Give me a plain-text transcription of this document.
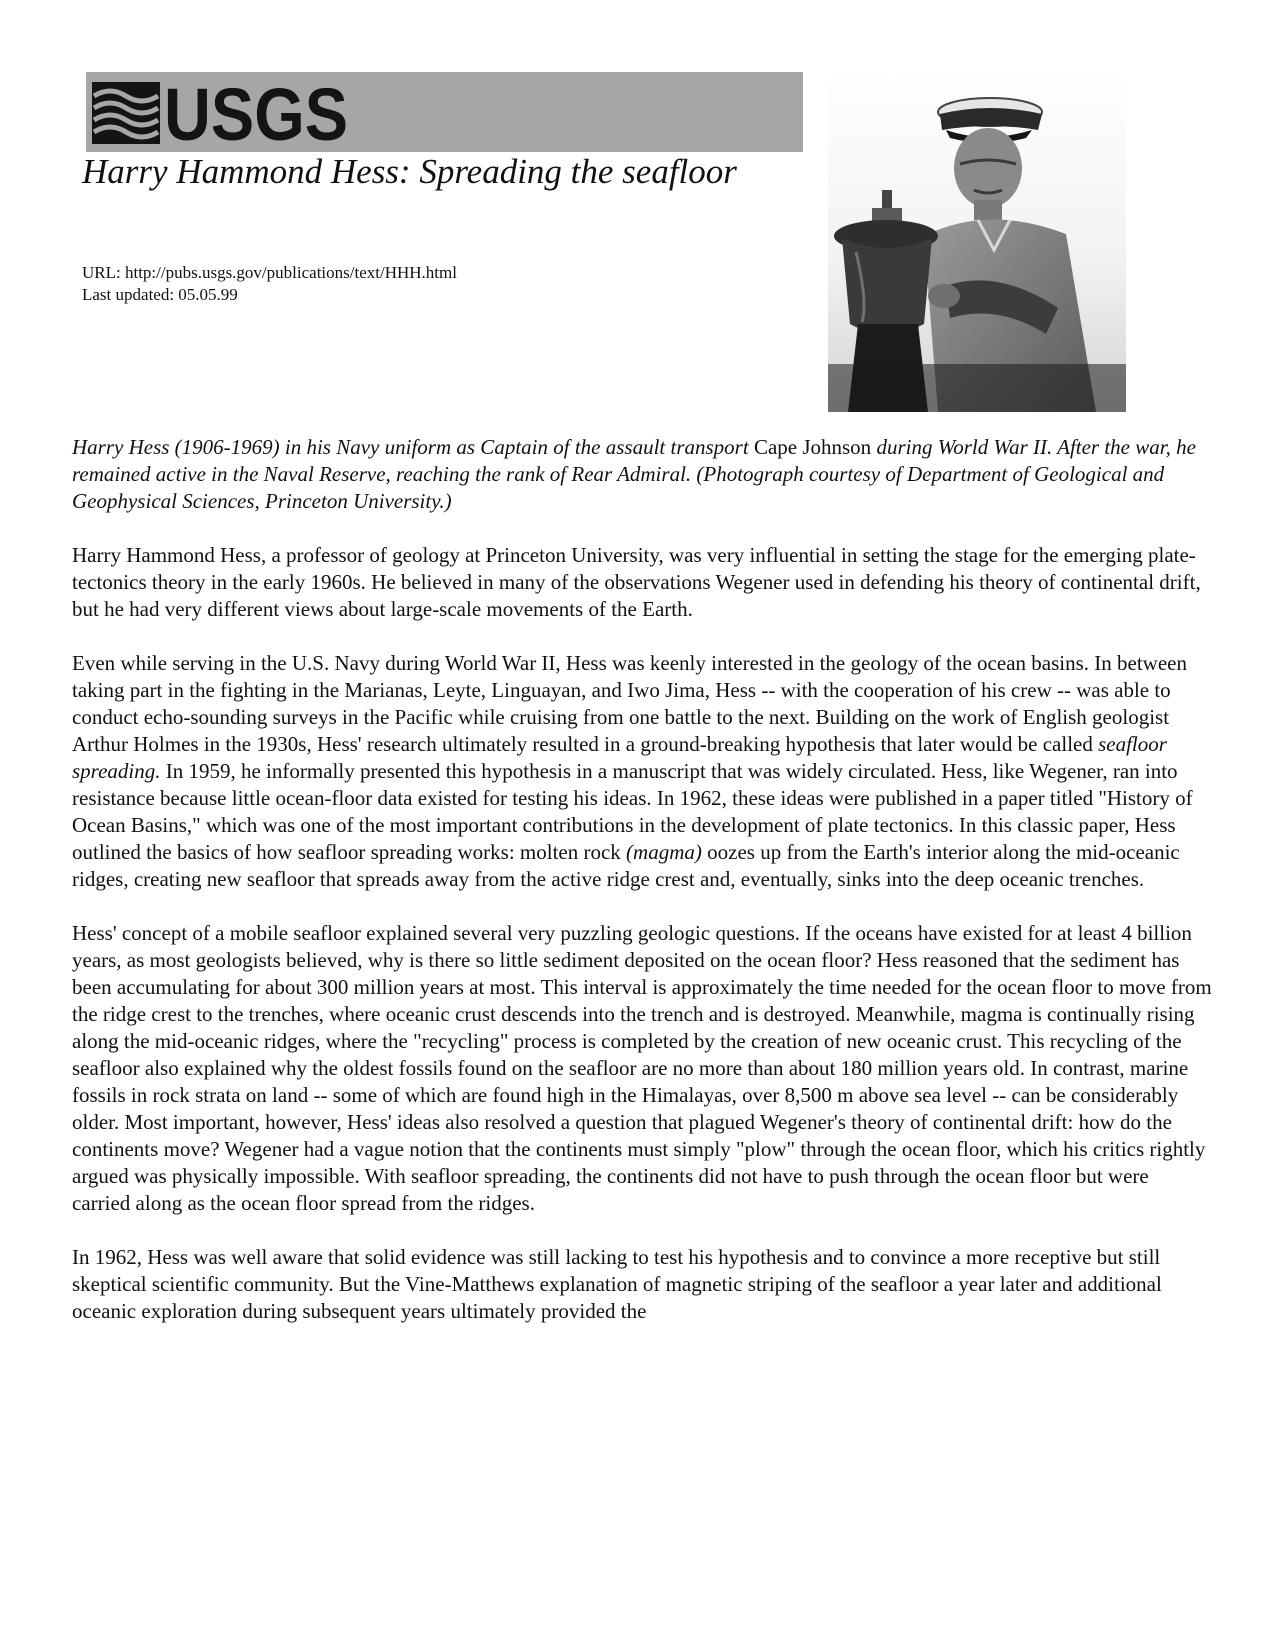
USGS
Harry Hammond Hess: Spreading the seafloor
URL: http://pubs.usgs.gov/publications/text/HHH.html
Last updated: 05.05.99

Harry Hess (1906-1969) in his Navy uniform as Captain of the assault transport Cape Johnson during World War II. After the war, he remained active in the Naval Reserve, reaching the rank of Rear Admiral. (Photograph courtesy of Department of Geological and Geophysical Sciences, Princeton University.)

Harry Hammond Hess, a professor of geology at Princeton University, was very influential in setting the stage for the emerging plate-tectonics theory in the early 1960s. He believed in many of the observations Wegener used in defending his theory of continental drift, but he had very different views about large-scale movements of the Earth.

Even while serving in the U.S. Navy during World War II, Hess was keenly interested in the geology of the ocean basins. In between taking part in the fighting in the Marianas, Leyte, Linguayan, and Iwo Jima, Hess -- with the cooperation of his crew -- was able to conduct echo-sounding surveys in the Pacific while cruising from one battle to the next. Building on the work of English geologist Arthur Holmes in the 1930s, Hess' research ultimately resulted in a ground-breaking hypothesis that later would be called seafloor spreading. In 1959, he informally presented this hypothesis in a manuscript that was widely circulated. Hess, like Wegener, ran into resistance because little ocean-floor data existed for testing his ideas. In 1962, these ideas were published in a paper titled "History of Ocean Basins," which was one of the most important contributions in the development of plate tectonics. In this classic paper, Hess outlined the basics of how seafloor spreading works: molten rock (magma) oozes up from the Earth's interior along the mid-oceanic ridges, creating new seafloor that spreads away from the active ridge crest and, eventually, sinks into the deep oceanic trenches.

Hess' concept of a mobile seafloor explained several very puzzling geologic questions. If the oceans have existed for at least 4 billion years, as most geologists believed, why is there so little sediment deposited on the ocean floor? Hess reasoned that the sediment has been accumulating for about 300 million years at most. This interval is approximately the time needed for the ocean floor to move from the ridge crest to the trenches, where oceanic crust descends into the trench and is destroyed. Meanwhile, magma is continually rising along the mid-oceanic ridges, where the "recycling" process is completed by the creation of new oceanic crust. This recycling of the seafloor also explained why the oldest fossils found on the seafloor are no more than about 180 million years old. In contrast, marine fossils in rock strata on land -- some of which are found high in the Himalayas, over 8,500 m above sea level -- can be considerably older. Most important, however, Hess' ideas also resolved a question that plagued Wegener's theory of continental drift: how do the continents move? Wegener had a vague notion that the continents must simply "plow" through the ocean floor, which his critics rightly argued was physically impossible. With seafloor spreading, the continents did not have to push through the ocean floor but were carried along as the ocean floor spread from the ridges.

In 1962, Hess was well aware that solid evidence was still lacking to test his hypothesis and to convince a more receptive but still skeptical scientific community. But the Vine-Matthews explanation of magnetic striping of the seafloor a year later and additional oceanic exploration during subsequent years ultimately provided the
